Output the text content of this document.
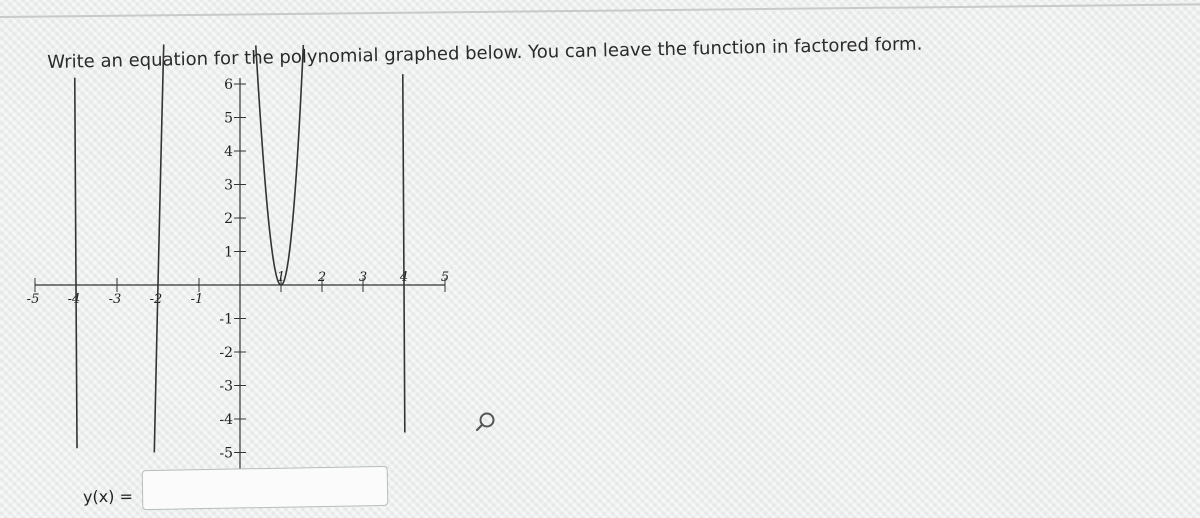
Write an equation for the polynomial graphed below. You can leave the function in factored form.
-5 -4 -3 -2 -1
1	2	3	4	5
6
5
4
3
2
1
-1
-2
-3
-4
-5
y(x) =
